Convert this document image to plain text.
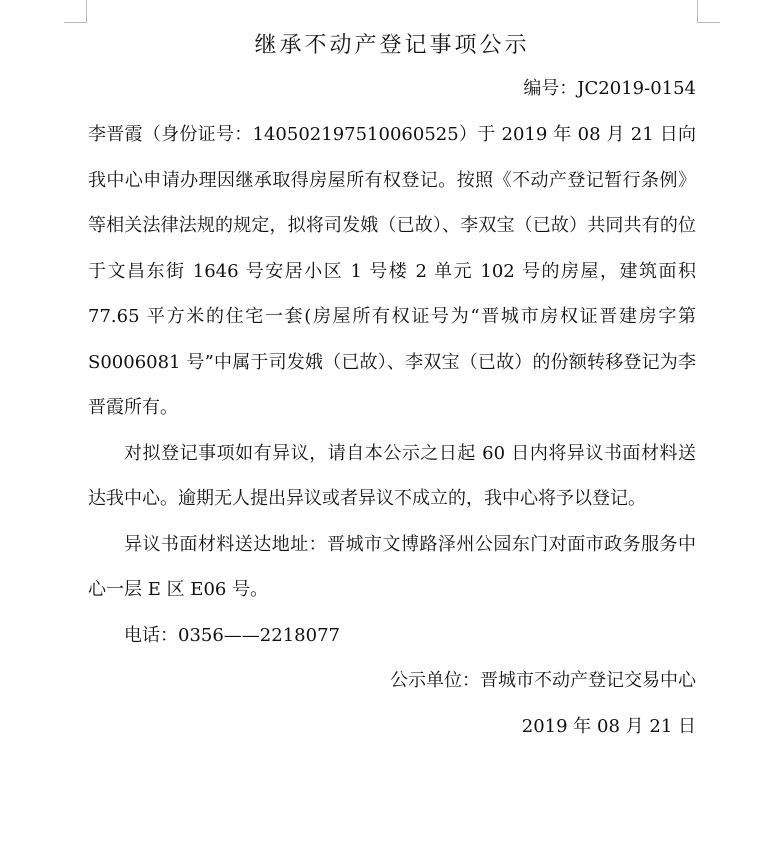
继承不动产登记事项公示

编号：JC2019-0154

李晋霞（身份证号：140502197510060525）于 2019 年 08 月 21 日向我中心申请办理因继承取得房屋所有权登记。按照《不动产登记暂行条例》等相关法律法规的规定，拟将司发娥（已故）、李双宝（已故）共同共有的位于文昌东街 1646 号安居小区 1 号楼 2 单元 102 号的房屋，建筑面积 77.65 平方米的住宅一套(房屋所有权证号为“晋城市房权证晋建房字第 S0006081 号”中属于司发娥（已故）、李双宝（已故）的份额转移登记为李晋霞所有。

对拟登记事项如有异议，请自本公示之日起 60 日内将异议书面材料送达我中心。逾期无人提出异议或者异议不成立的，我中心将予以登记。

异议书面材料送达地址：晋城市文博路泽州公园东门对面市政务服务中心一层 E 区 E06 号。

电话：0356——2218077

公示单位：晋城市不动产登记交易中心

2019 年 08 月 21 日
